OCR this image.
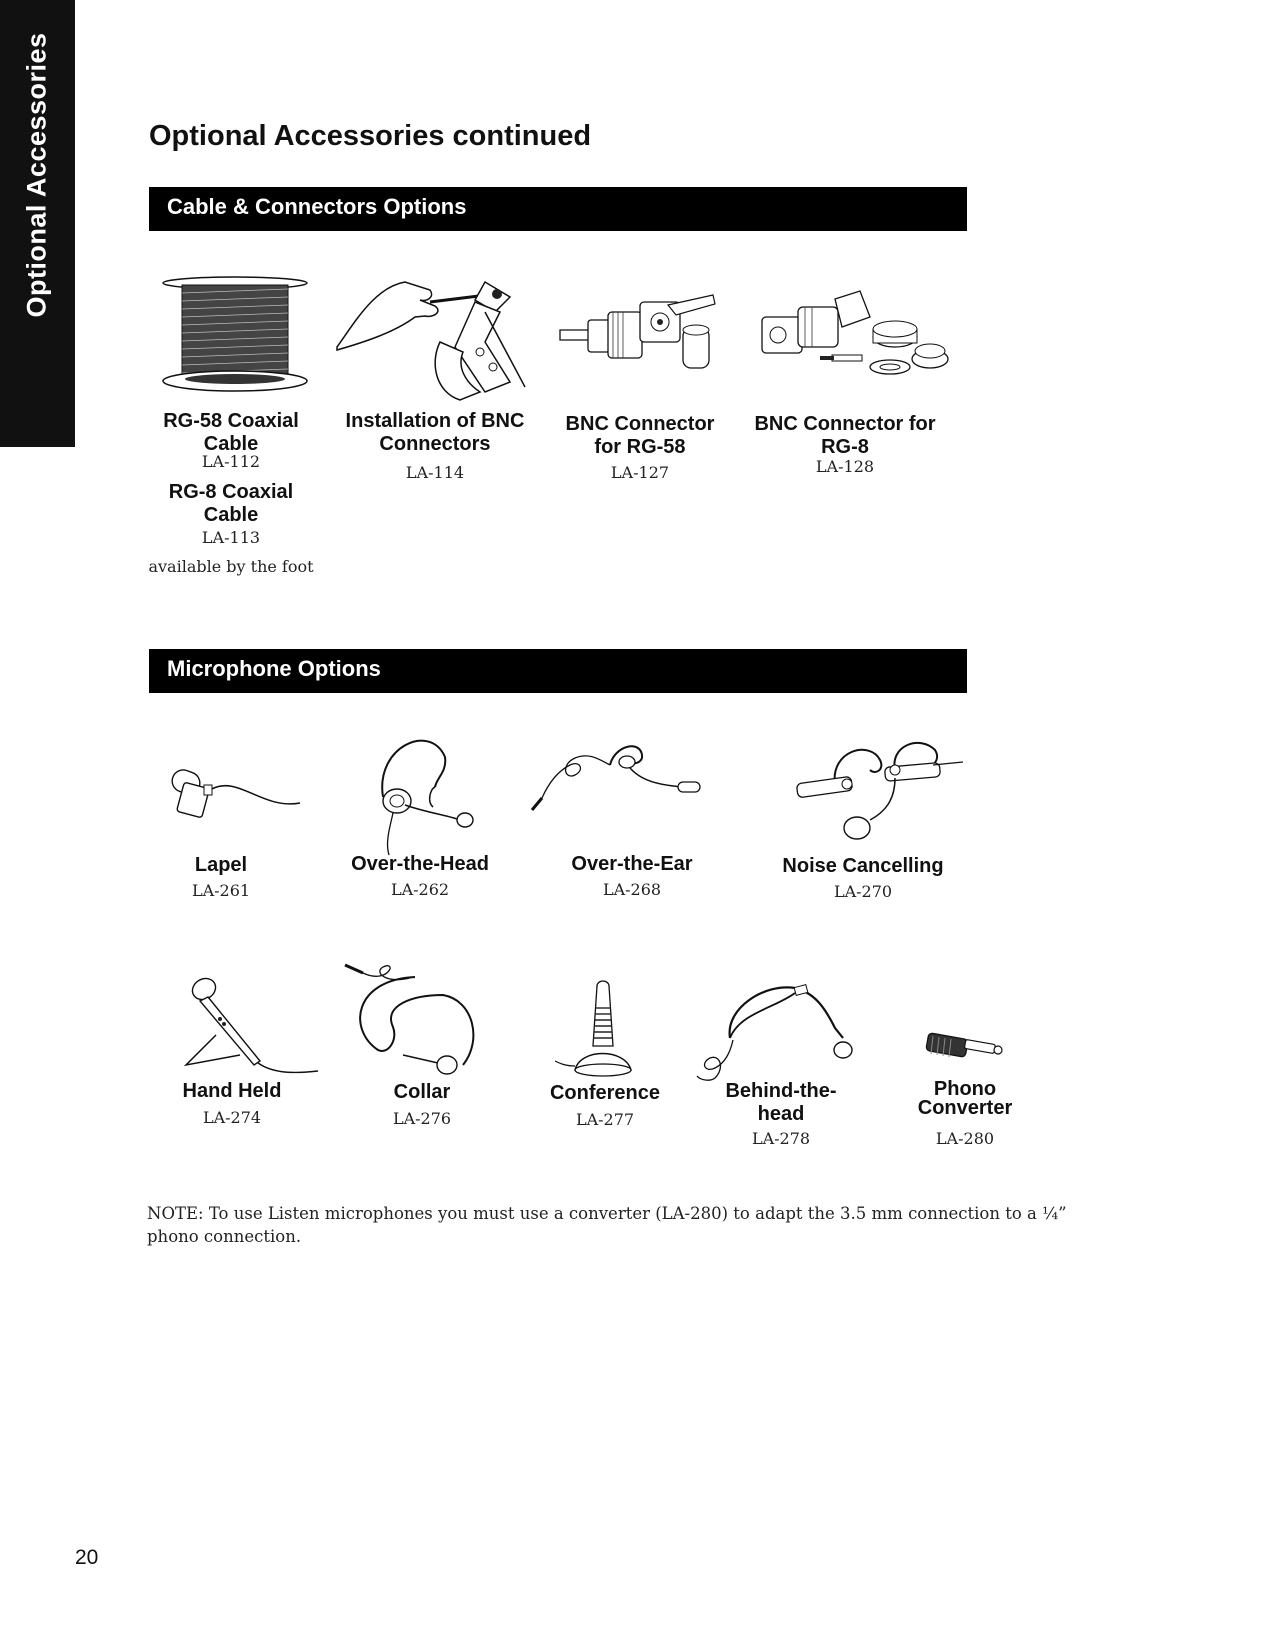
Optional Accessories	Optional Accessories continued
Cable & Connectors Options
RG-58 Coaxial
Cable
LA-112
RG-8 Coaxial
Cable
LA-113
available by the foot
Installation of BNC
Connectors
LA-114
BNC Connector
for RG-58
LA-127
BNC Connector for
RG-8
LA-128
Microphone Options
Lapel
LA-261
Over-the-Head
LA-262
Over-the-Ear
LA-268
Noise Cancelling
LA-270
Hand Held
LA-274
Collar
LA-276
Conference
LA-277
Behind-the-
head
LA-278
Phono
Converter
LA-280
NOTE: To use Listen microphones you must use a converter (LA-280) to adapt the 3.5 mm connection to a ¼” phono connection.
20
